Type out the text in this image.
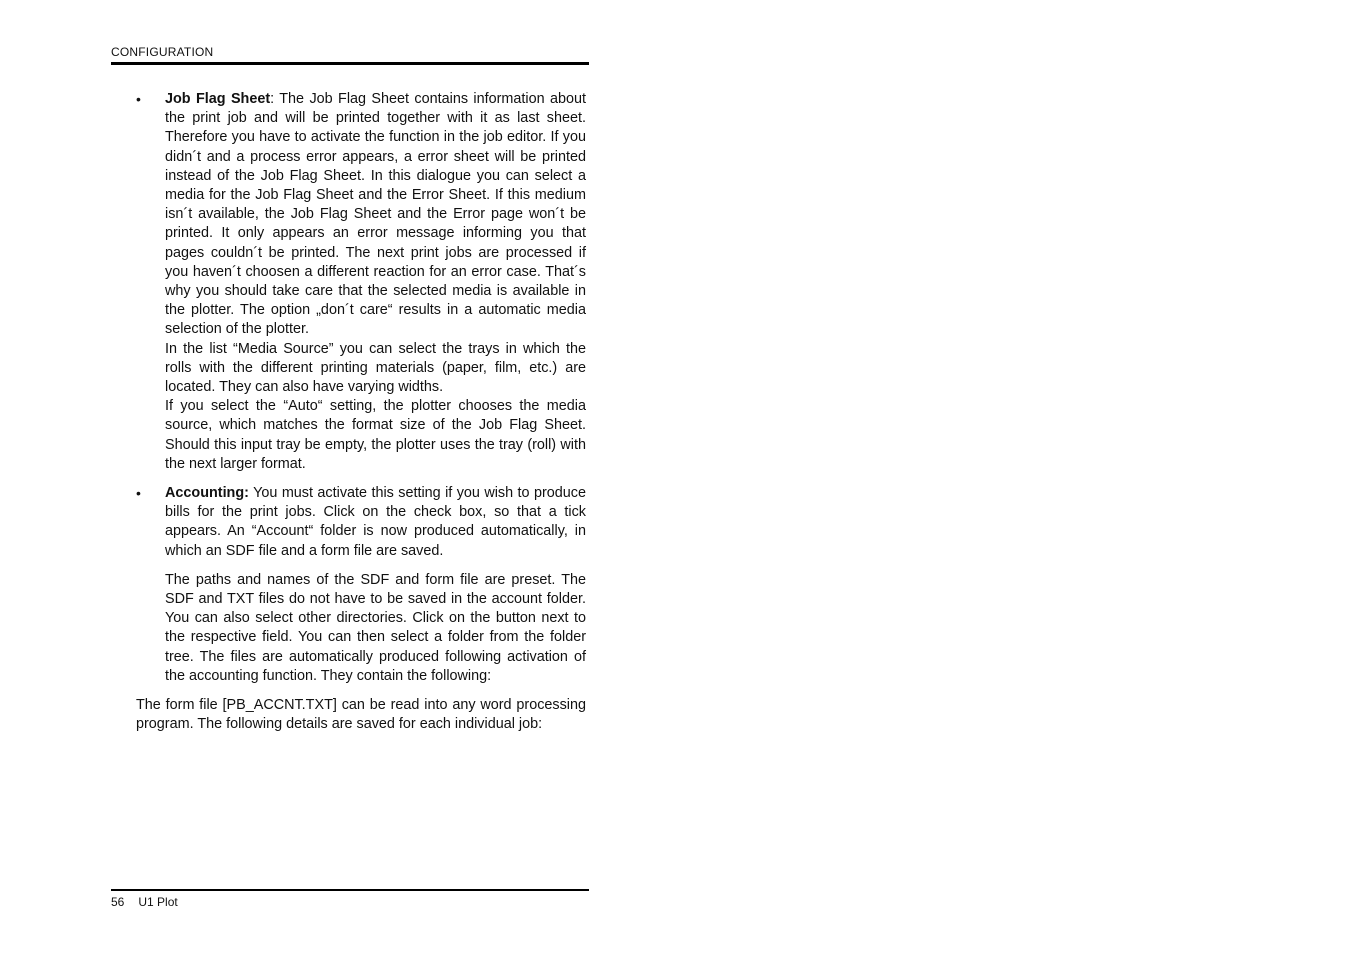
CONFIGURATION
• Job Flag Sheet: The Job Flag Sheet contains information about the print job and will be printed together with it as last sheet. Therefore you have to activate the function in the job editor. If you didn´t and a process error appears, a error sheet will be printed instead of the Job Flag Sheet. In this dialogue you can select a media for the Job Flag Sheet and the Error Sheet. If this medium isn´t available, the Job Flag Sheet and the Error page won´t be printed. It only appears an error message informing you that pages couldn´t be printed. The next print jobs are processed if you haven´t choosen a different reaction for an error case. That´s why you should take care that the selected media is available in the plotter. The option „don´t care“ results in a automatic media selection of the plotter.

In the list “Media Source” you can select the trays in which the rolls with the different printing materials (paper, film, etc.) are located. They can also have varying widths.

If you select the “Auto“ setting, the plotter chooses the media source, which matches the format size of the Job Flag Sheet. Should this input tray be empty, the plotter uses the tray (roll) with the next larger format.

• Accounting: You must activate this setting if you wish to produce bills for the print jobs. Click on the check box, so that a tick appears. An “Account“ folder is now produced automatically, in which an SDF file and a form file are saved.

The paths and names of the SDF and form file are preset. The SDF and TXT files do not have to be saved in the account folder. You can also select other directories. Click on the button next to the respective field. You can then select a folder from the folder tree. The files are automatically produced following activation of the accounting function. They contain the following:

The form file [PB_ACCNT.TXT] can be read into any word processing program. The following details are saved for each individual job:

56 U1 Plot
